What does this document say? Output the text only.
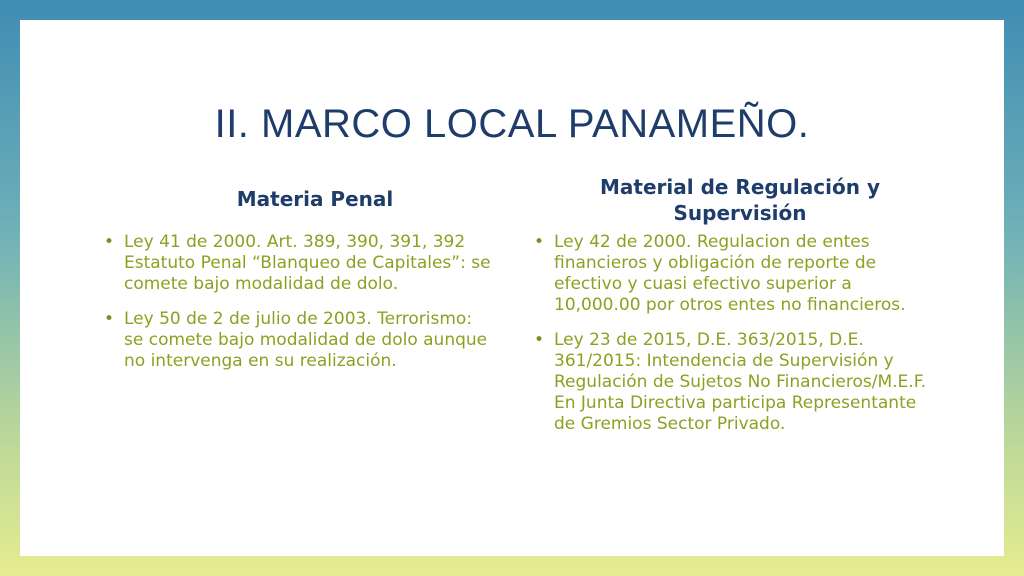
II. MARCO LOCAL PANAMEÑO.
Materia Penal	Material de Regulación y Supervisión
• Ley 41 de 2000. Art. 389, 390, 391, 392 Estatuto Penal “Blanqueo de Capitales”: se comete bajo modalidad de dolo.
• Ley 50 de 2 de julio de 2003. Terrorismo: se comete bajo modalidad de dolo aunque no intervenga en su realización.
• Ley 42 de 2000. Regulacion de entes financieros y obligación de reporte de efectivo y cuasi efectivo superior a 10,000.00 por otros entes no financieros.
• Ley 23 de 2015, D.E. 363/2015, D.E. 361/2015: Intendencia de Supervisión y Regulación de Sujetos No Financieros/M.E.F. En Junta Directiva participa Representante de Gremios Sector Privado.
